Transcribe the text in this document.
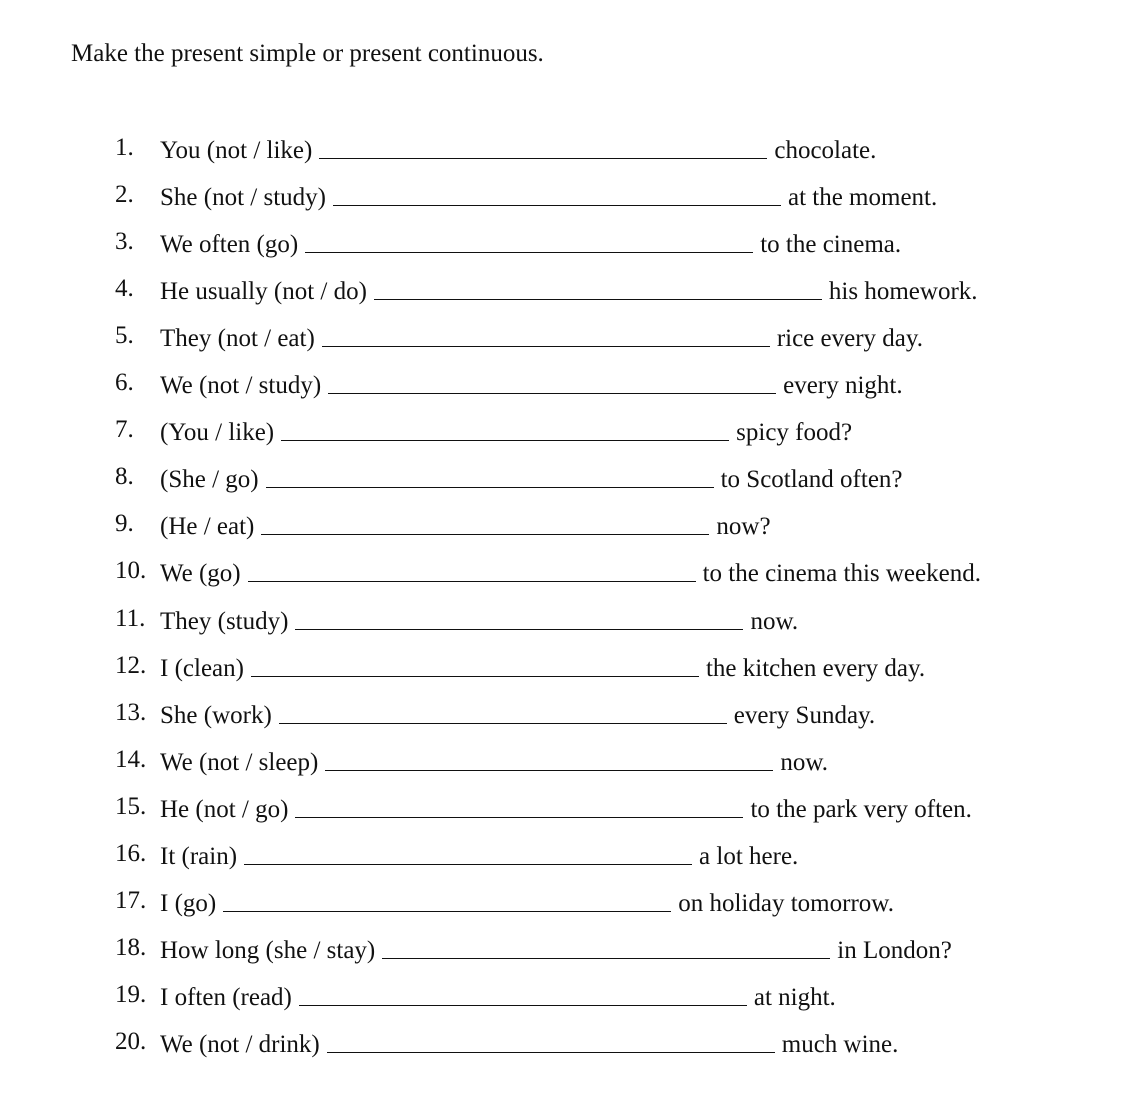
Make the present simple or present continuous.
1. You (not / like)	chocolate.
2. She (not / study)	at the moment.
3. We often (go)	to the cinema.
4. He usually (not / do)	his homework.
5. They (not / eat)	rice every day.
6. We (not / study)	every night.
7. (You / like)	spicy food?
8. (She / go)	to Scotland often?
9. (He / eat)	now?
10. We (go)	to the cinema this weekend.
11. They (study)	now.
12. I (clean)	the kitchen every day.
13. She (work)	every Sunday.
14. We (not / sleep)	now.
15. He (not / go)	to the park very often.
16. It (rain)	a lot here.
17. I (go)	on holiday tomorrow.
18. How long (she / stay)	in London?
19. I often (read)	at night.
20. We (not / drink)	much wine.
